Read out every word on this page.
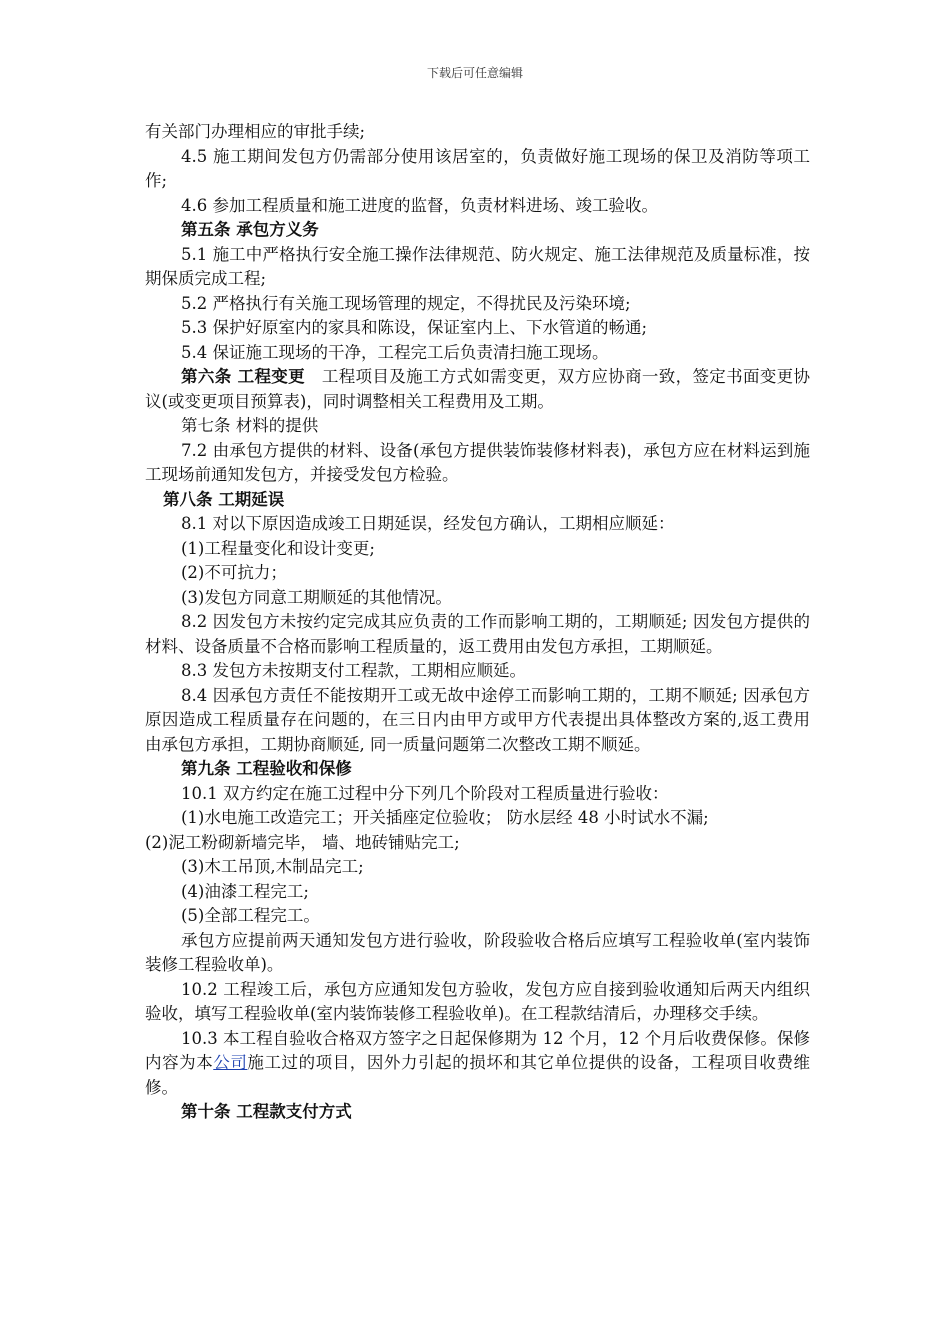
下载后可任意编辑

有关部门办理相应的审批手续;

4.5 施工期间发包方仍需部分使用该居室的，负责做好施工现场的保卫及消防等项工作;

4.6 参加工程质量和施工进度的监督，负责材料进场、竣工验收。

第五条 承包方义务

5.1 施工中严格执行安全施工操作法律规范、防火规定、施工法律规范及质量标准，按期保质完成工程;

5.2 严格执行有关施工现场管理的规定，不得扰民及污染环境;

5.3 保护好原室内的家具和陈设，保证室内上、下水管道的畅通;

5.4 保证施工现场的干净，工程完工后负责清扫施工现场。

第六条 工程变更　工程项目及施工方式如需变更，双方应协商一致，签定书面变更协议(或变更项目预算表)，同时调整相关工程费用及工期。

第七条 材料的提供

7.2 由承包方提供的材料、设备(承包方提供装饰装修材料表)，承包方应在材料运到施工现场前通知发包方，并接受发包方检验。

第八条 工期延误

8.1 对以下原因造成竣工日期延误，经发包方确认，工期相应顺延：

(1)工程量变化和设计变更;

(2)不可抗力；

(3)发包方同意工期顺延的其他情况。

8.2 因发包方未按约定完成其应负责的工作而影响工期的，工期顺延; 因发包方提供的材料、设备质量不合格而影响工程质量的，返工费用由发包方承担，工期顺延。

8.3 发包方未按期支付工程款，工期相应顺延。

8.4 因承包方责任不能按期开工或无故中途停工而影响工期的，工期不顺延; 因承包方原因造成工程质量存在问题的，在三日内由甲方或甲方代表提出具体整改方案的,返工费用由承包方承担，工期协商顺延, 同一质量问题第二次整改工期不顺延。

第九条 工程验收和保修

10.1 双方约定在施工过程中分下列几个阶段对工程质量进行验收：

(1)水电施工改造完工；开关插座定位验收； 防水层经 48 小时试水不漏;

(2)泥工粉砌新墙完毕， 墙、地砖铺贴完工;

(3)木工吊顶,木制品完工;

(4)油漆工程完工;

(5)全部工程完工。

承包方应提前两天通知发包方进行验收，阶段验收合格后应填写工程验收单(室内装饰装修工程验收单)。

10.2 工程竣工后，承包方应通知发包方验收，发包方应自接到验收通知后两天内组织验收，填写工程验收单(室内装饰装修工程验收单)。在工程款结清后，办理移交手续。

10.3 本工程自验收合格双方签字之日起保修期为 12 个月，12 个月后收费保修。保修内容为本公司施工过的项目，因外力引起的损坏和其它单位提供的设备，工程项目收费维修。

第十条 工程款支付方式
